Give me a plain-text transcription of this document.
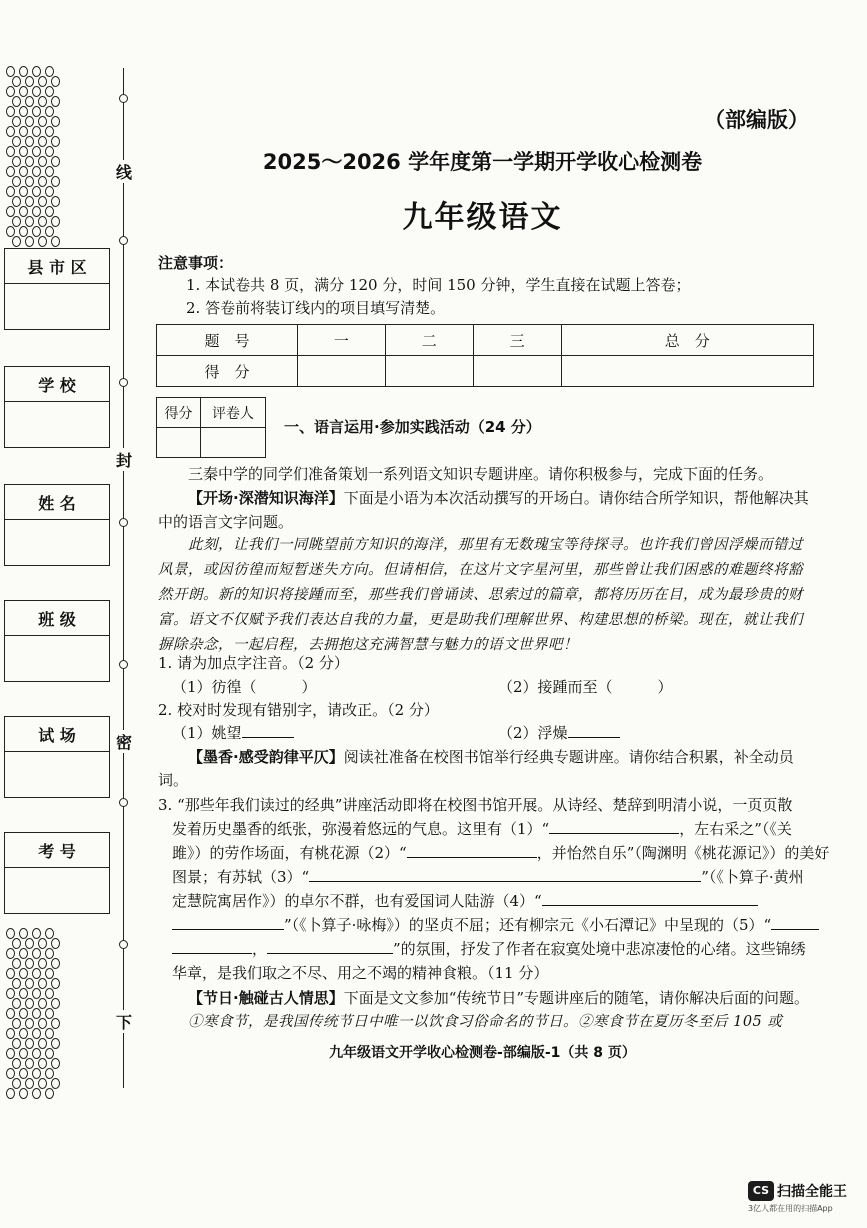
线
封
密
下
县 市 区
学 校
姓 名
班 级
试 场
考 号
（部编版）
2025～2026 学年度第一学期开学收心检测卷
九年级语文
注意事项：
1. 本试卷共 8 页，满分 120 分，时间 150 分钟，学生直接在试题上答卷；
2. 答卷前将装订线内的项目填写清楚。
题　号	一	二	三	总　分
得　分				
得分	评卷人

一、语言运用·参加实践活动（24 分）
三秦中学的同学们准备策划一系列语文知识专题讲座。请你积极参与，完成下面的任务。
【开场·深潜知识海洋】下面是小语为本次活动撰写的开场白。请你结合所学知识，帮他解决其中的语言文字问题。
此刻，让我们一同眺望前方知识的海洋，那里有无数瑰宝等待探寻。也许我们曾因浮燥而错过风景，或因彷徨而短暂迷失方向。但请相信，在这片文字星河里，那些曾让我们困惑的难题终将豁然开朗。新的知识将接踵而至，那些我们曾诵读、思索过的篇章，都将历历在目，成为最珍贵的财富。语文不仅赋予我们表达自我的力量，更是助我们理解世界、构建思想的桥梁。现在，就让我们摒除杂念，一起启程，去拥抱这充满智慧与魅力的语文世界吧！
1. 请为加点字注音。（2 分）
（1）彷徨（　　　）	（2）接踵而至（　　　）
2. 校对时发现有错别字，请改正。（2 分）
（1）姚望	（2）浮燥
【墨香·感受韵律平仄】阅读社准备在校图书馆举行经典专题讲座。请你结合积累，补全动员词。
3. “那些年我们读过的经典”讲座活动即将在校图书馆开展。从诗经、楚辞到明清小说，一页页散
发着历史墨香的纸张，弥漫着悠远的气息。这里有（1）“	，左右采之”（《关
雎》）的劳作场面，有桃花源（2）“	，并怡然自乐”（陶渊明《桃花源记》）的美好
图景；有苏轼（3）“	”（《卜算子·黄州
定慧院寓居作》）的卓尔不群，也有爱国词人陆游（4）“
”（《卜算子·咏梅》）的坚贞不屈；还有柳宗元《小石潭记》中呈现的（5）“
，	”的氛围，抒发了作者在寂寞处境中悲凉凄怆的心绪。这些锦绣
华章，是我们取之不尽、用之不竭的精神食粮。（11 分）
【节日·触碰古人情思】下面是文文参加“传统节日”专题讲座后的随笔，请你解决后面的问题。
①寒食节，是我国传统节日中唯一以饮食习俗命名的节日。②寒食节在夏历冬至后 105 或
九年级语文开学收心检测卷-部编版-1（共 8 页）
CS 扫描全能王
3亿人都在用的扫描App
